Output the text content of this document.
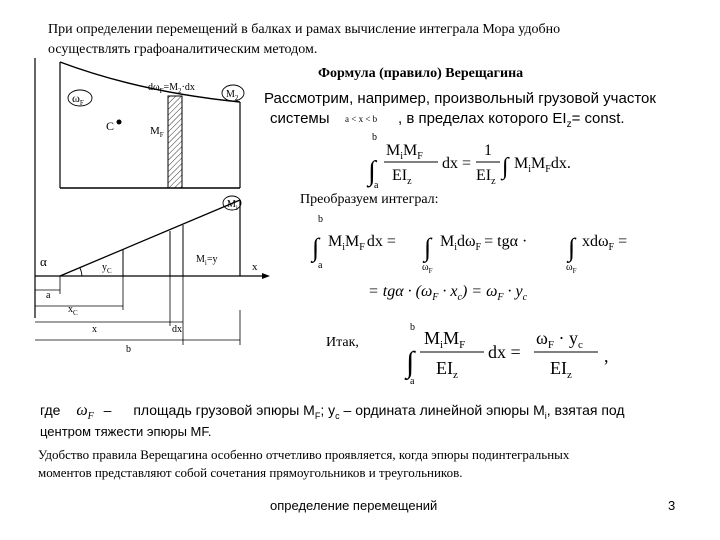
При определении перемещений в балках и рамах вычисление интеграла Мора удобно
осуществлять графоаналитическим методом.
Формула (правило) Верещагина
Рассмотрим, например, произвольный грузовой участок
системы a < x < b , в пределах которого $EI_z=$ const.
Преобразуем интеграл:
Итак,
$\omega_F$
$M_2$
$d\omega_F=M_2\cdot dx$
C	$M_F$
$M_i$
α	$y_C$
$M_i=y$
x
a
$x_C$
x	dx
b
b
∫
a
$M_iM_F$
$EI_z$
dx =
1
$EI_z$
∫ $M_iM_Fdx$.
b
∫
a
$M_iM_F$ dx = ∫
$\omega_F$
$M_id\omega_F = tg\alpha$ · ∫
$\omega_F$
xdω$_F$ =
= $tg\alpha \cdot (\omega_F \cdot x_c) = \omega_F \cdot y_c$
b
∫
a
$M_iM_F$
$EI_z$
dx =
$\omega_F \cdot y_c$
$EI_z$
,
где $\omega_F$ – площадь грузовой эпюры $M_F$; $y_c$ – ордината линейной эпюры $M_i$, взятая под
центром тяжести эпюры MF.
Удобство правила Верещагина особенно отчетливо проявляется, когда эпюры подинтегральных
моментов представляют собой сочетания прямоугольников и треугольников.
определение перемещений	3
